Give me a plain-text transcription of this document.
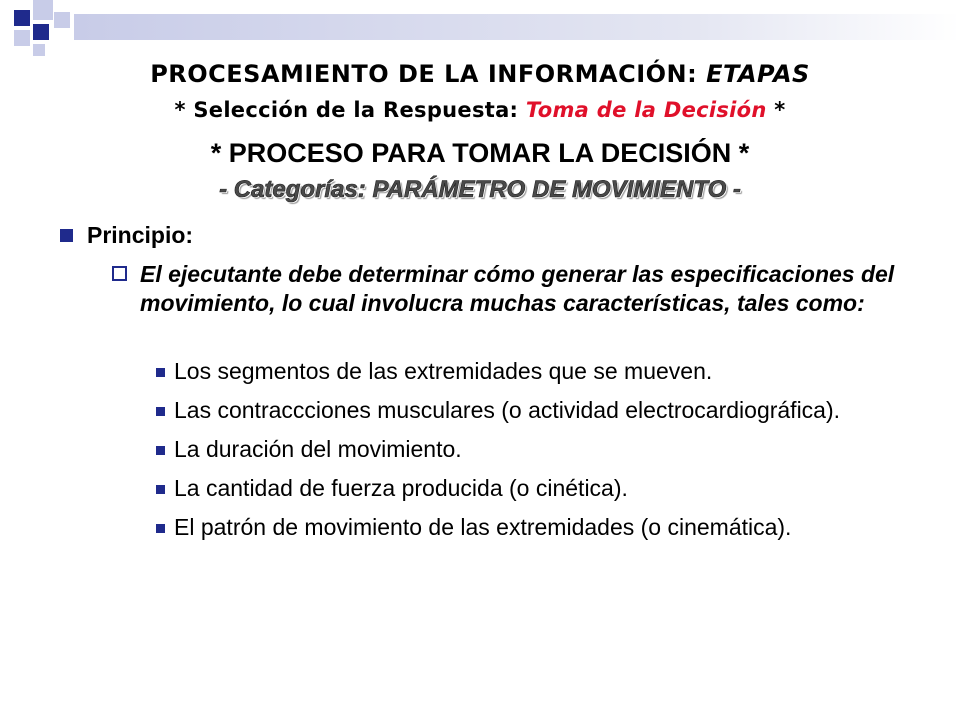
PROCESAMIENTO DE LA INFORMACIÓN: ETAPAS
* Selección de la Respuesta: Toma de la Decisión *
* PROCESO PARA TOMAR LA DECISIÓN *
- Categorías: PARÁMETRO DE MOVIMIENTO -
Principio:
El ejecutante debe determinar cómo generar las especificaciones del movimiento, lo cual involucra muchas características, tales como:
Los segmentos de las extremidades que se mueven.
Las contraccciones musculares (o actividad electrocardiográfica).
La duración del movimiento.
La cantidad de fuerza producida (o cinética).
El patrón de movimiento de las extremidades (o cinemática).
